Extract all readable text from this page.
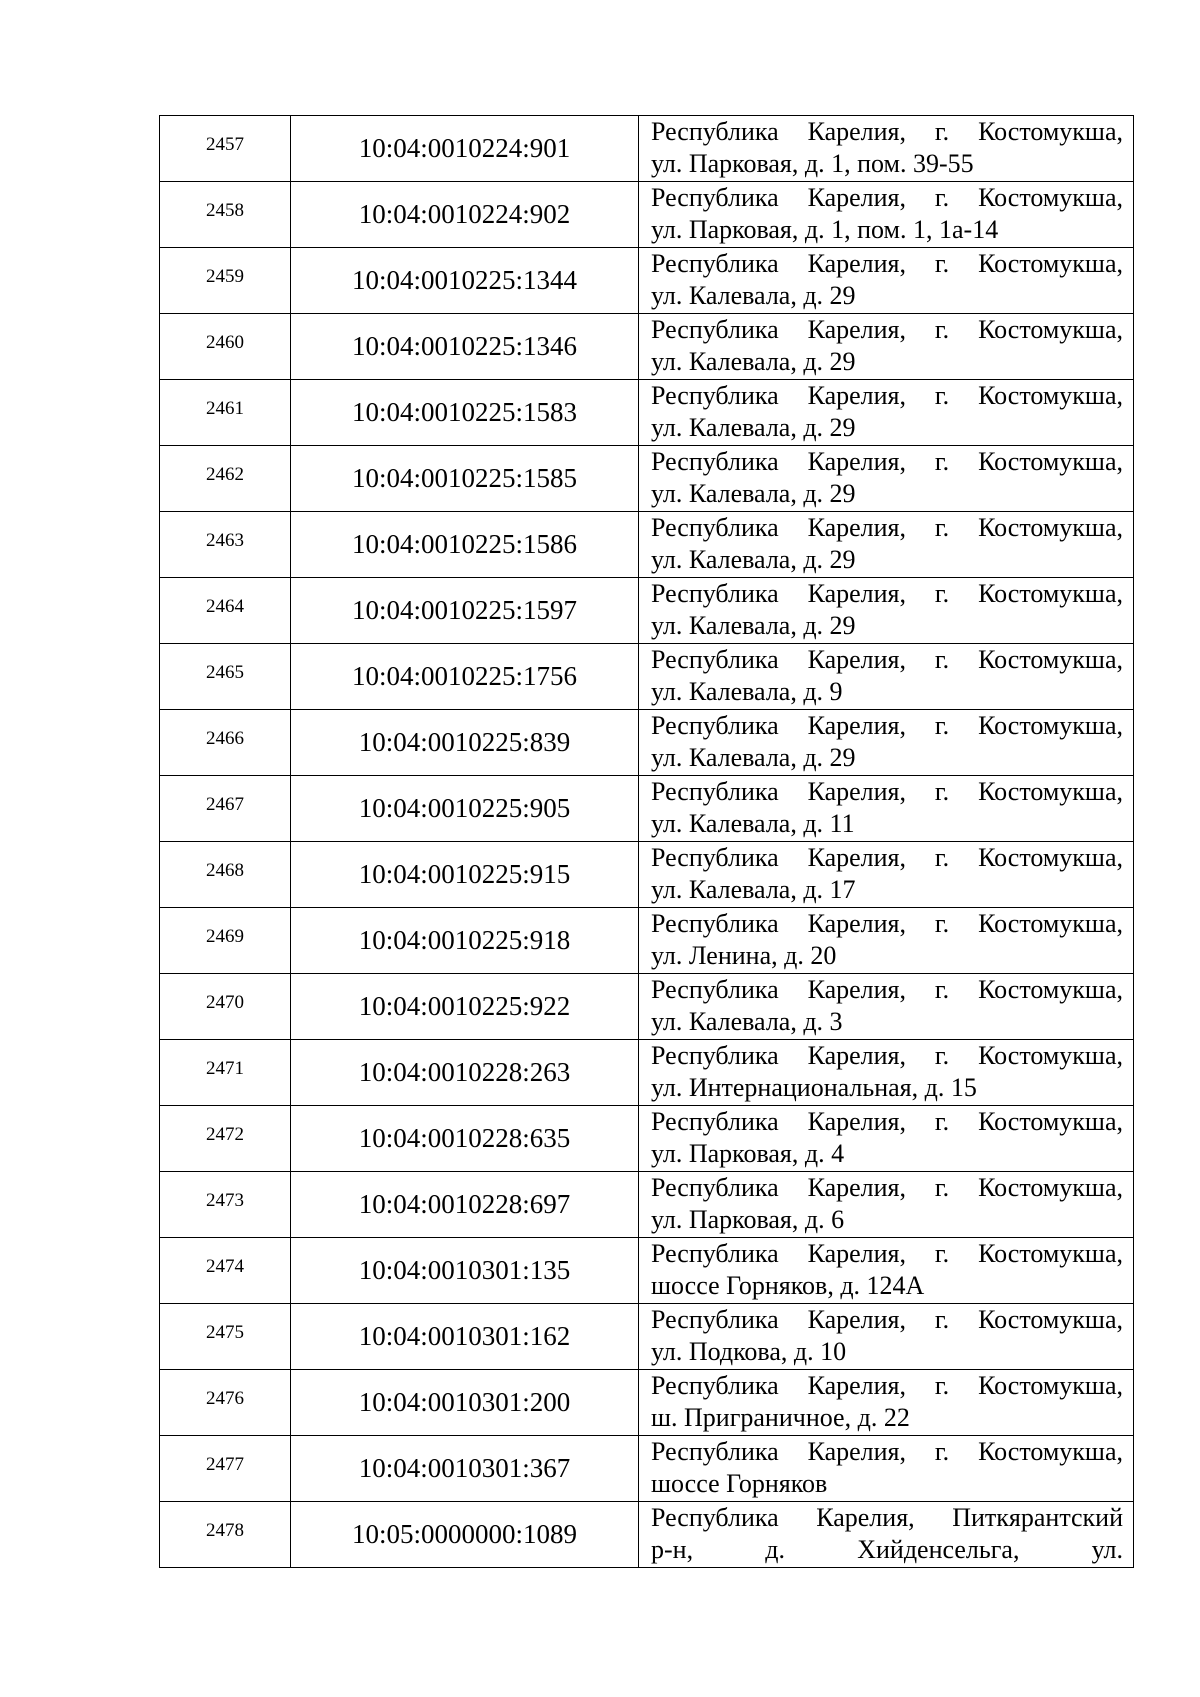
2457	10:04:0010224:901	Республика Карелия, г. Костомукша,
ул. Парковая, д. 1, пом. 39-55

2458	10:04:0010224:902	Республика Карелия, г. Костомукша,
ул. Парковая, д. 1, пом. 1, 1а-14

2459	10:04:0010225:1344	Республика Карелия, г. Костомукша,
ул. Калевала, д. 29

2460	10:04:0010225:1346	Республика Карелия, г. Костомукша,
ул. Калевала, д. 29

2461	10:04:0010225:1583	Республика Карелия, г. Костомукша,
ул. Калевала, д. 29

2462	10:04:0010225:1585	Республика Карелия, г. Костомукша,
ул. Калевала, д. 29

2463	10:04:0010225:1586	Республика Карелия, г. Костомукша,
ул. Калевала, д. 29

2464	10:04:0010225:1597	Республика Карелия, г. Костомукша,
ул. Калевала, д. 29

2465	10:04:0010225:1756	Республика Карелия, г. Костомукша,
ул. Калевала, д. 9

2466	10:04:0010225:839	Республика Карелия, г. Костомукша,
ул. Калевала, д. 29

2467	10:04:0010225:905	Республика Карелия, г. Костомукша,
ул. Калевала, д. 11

2468	10:04:0010225:915	Республика Карелия, г. Костомукша,
ул. Калевала, д. 17

2469	10:04:0010225:918	Республика Карелия, г. Костомукша,
ул. Ленина, д. 20

2470	10:04:0010225:922	Республика Карелия, г. Костомукша,
ул. Калевала, д. 3

2471	10:04:0010228:263	Республика Карелия, г. Костомукша,
ул. Интернациональная, д. 15

2472	10:04:0010228:635	Республика Карелия, г. Костомукша,
ул. Парковая, д. 4

2473	10:04:0010228:697	Республика Карелия, г. Костомукша,
ул. Парковая, д. 6

2474	10:04:0010301:135	Республика Карелия, г. Костомукша,
шоссе Горняков, д. 124А

2475	10:04:0010301:162	Республика Карелия, г. Костомукша,
ул. Подкова, д. 10

2476	10:04:0010301:200	Республика Карелия, г. Костомукша,
ш. Приграничное, д. 22

2477	10:04:0010301:367	Республика Карелия, г. Костомукша,
шоссе Горняков

2478	10:05:0000000:1089	Республика Карелия, Питкярантский
р-н, д. Хийденсельга, ул.
